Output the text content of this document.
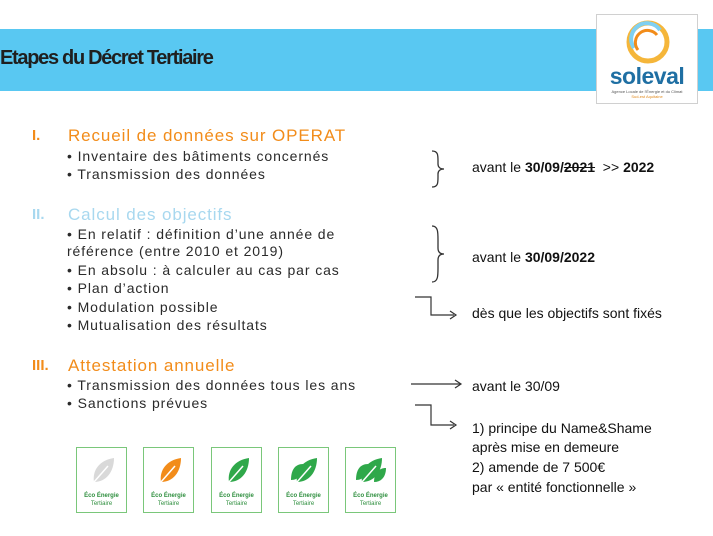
Etapes du Décret Tertiaire
soleval
Agence Locale de l'Énergie et du Climat
Sud-est Aquitaine
I. Recueil de données sur OPERAT
• Inventaire des bâtiments concernés
• Transmission des données
II. Calcul des objectifs
• En relatif : définition d’une année de
référence (entre 2010 et 2019)
• En absolu : à calculer au cas par cas
• Plan d’action
• Modulation possible
• Mutualisation des résultats
III. Attestation annuelle
• Transmission des données tous les ans
• Sanctions prévues
avant le 30/09/2021  >> 2022
avant le 30/09/2022
dès que les objectifs sont fixés
avant le 30/09
1) principe du Name&Shame
après mise en demeure
2) amende de 7 500€
par « entité fonctionnelle »
Éco Énergie
Tertiaire
Éco Énergie
Tertiaire
Éco Énergie
Tertiaire
Éco Énergie
Tertiaire
Éco Énergie
Tertiaire
